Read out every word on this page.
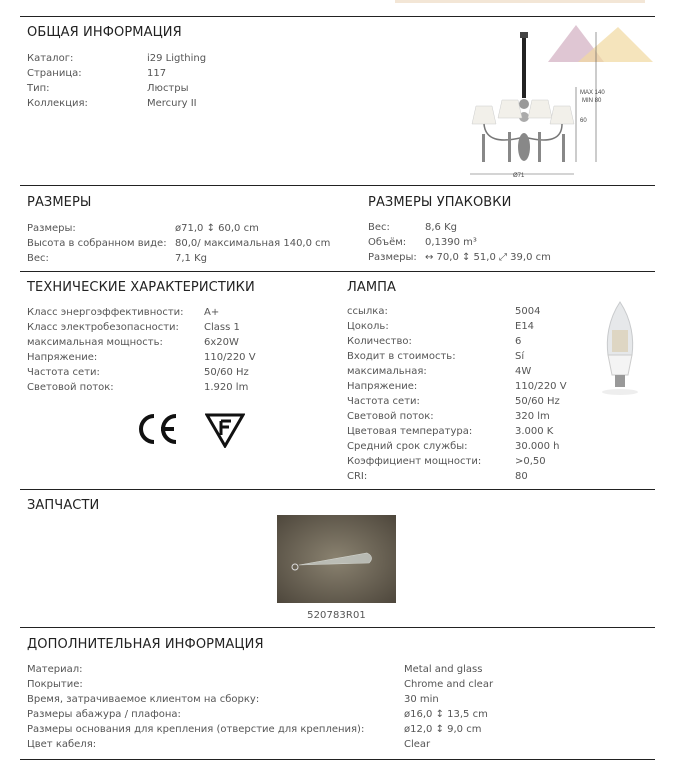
ОБЩАЯ ИНФОРМАЦИЯ
Каталог:	i29 Ligthing
Страница:	117
Тип:	Люстры
Коллекция:	Mercury II
Ø71
60
MAX 140
MIN 80
РАЗМЕРЫ
Размеры:	ø71,0 ↕ 60,0 cm
Высота в собранном виде: 80,0/ максимальная 140,0 cm
Вес:	7,1 Kg
РАЗМЕРЫ УПАКОВКИ
Вес:	8,6 Kg
Объём: 0,1390 m³
Размеры: ↔ 70,0 ↕ 51,0 ⤢ 39,0 cm
ТЕХНИЧЕСКИЕ ХАРАКТЕРИСТИКИ
Класс энергоэффективности: A+
Класс электробезопасности:	Class 1
максимальная мощность:	6x20W
Напряжение:	110/220 V
Частота сети:	50/60 Hz
Световой поток:	1.920 lm
ЛАМПА
ссылка:	5004
Цоколь:	E14
Количество:	6
Входит в стоимость:	Sí
максимальная:	4W
Напряжение:	110/220 V
Частота сети:	50/60 Hz
Световой поток:	320 lm
Цветовая температура:	3.000 K
Средний срок службы:	30.000 h
Коэффициент мощности:	>0,50
CRI:	80
ЗАПЧАСТИ
520783R01
ДОПОЛНИТЕЛЬНАЯ ИНФОРМАЦИЯ
Материал:	Metal and glass
Покрытие:	Chrome and clear
Время, затрачиваемое клиентом на сборку:	30 min
Размеры абажура / плафона:	ø16,0 ↕ 13,5 cm
Размеры основания для крепления (отверстие для крепления):	ø12,0 ↕ 9,0 cm
Цвет кабеля:	Clear
